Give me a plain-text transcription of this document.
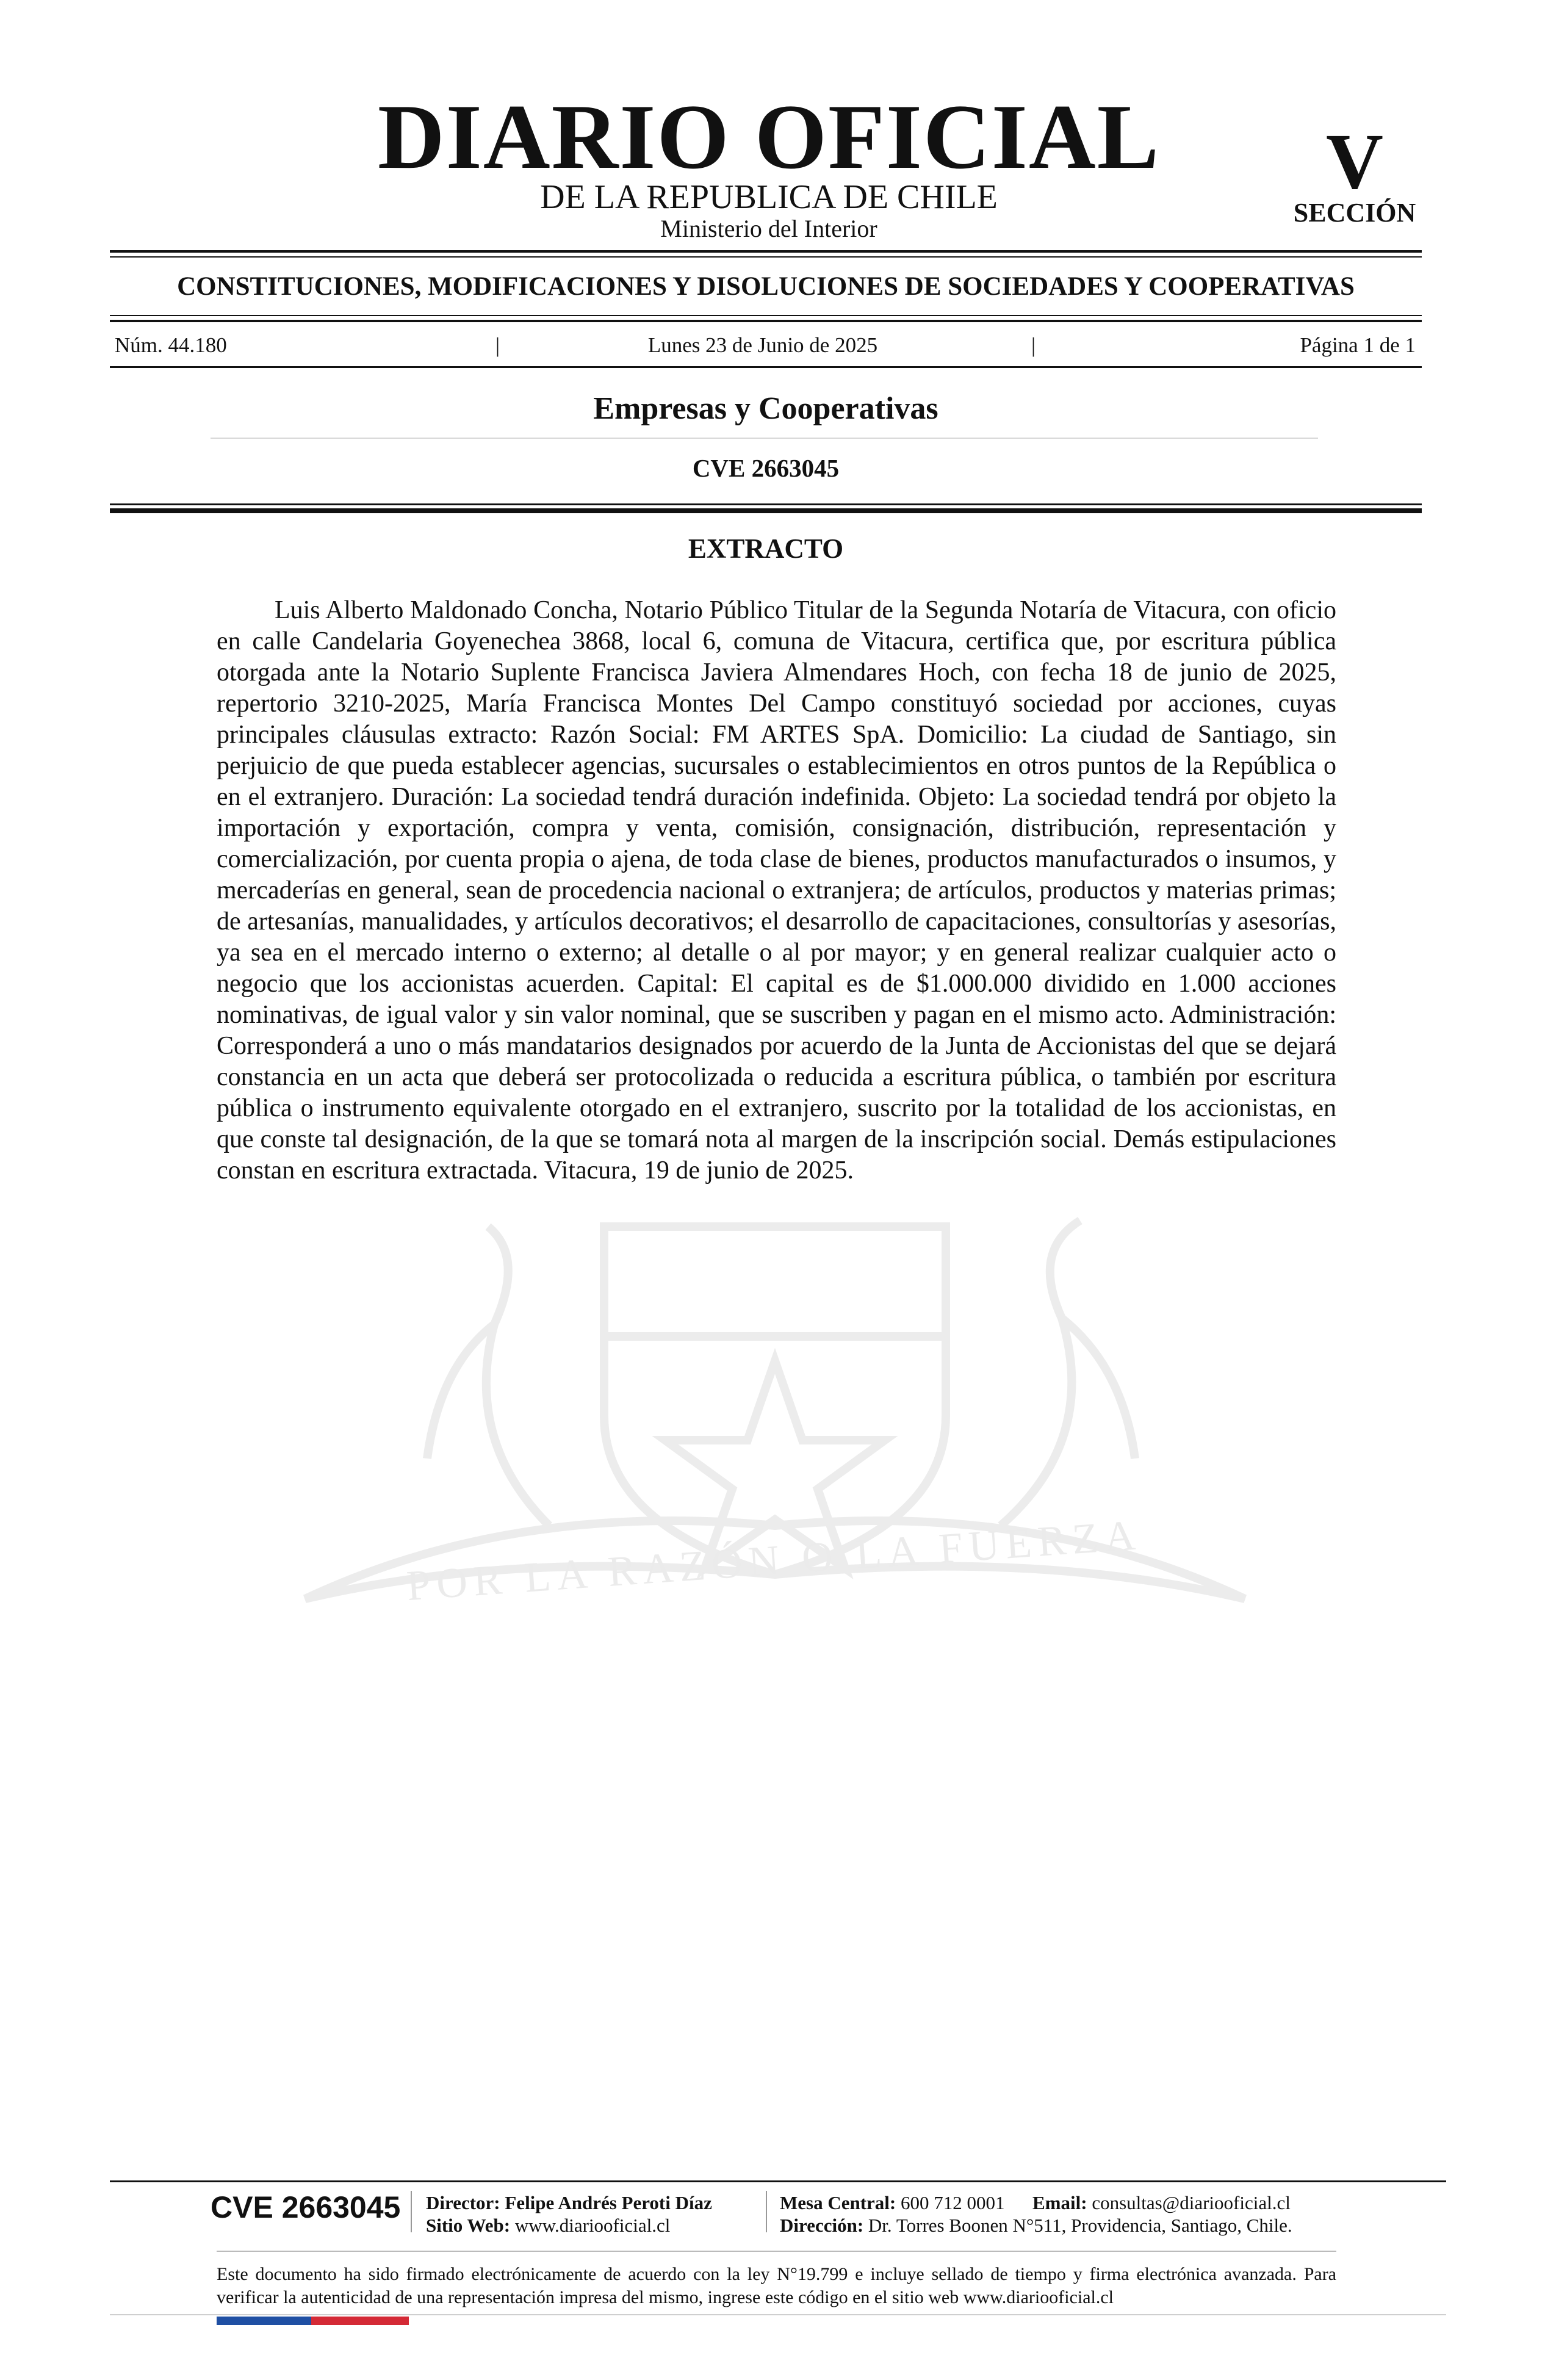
POR LA RAZÓN O LA FUERZA
DIARIO OFICIAL
DE LA REPUBLICA DE CHILE
Ministerio del Interior
V
SECCIÓN
CONSTITUCIONES, MODIFICACIONES Y DISOLUCIONES DE SOCIEDADES Y COOPERATIVAS
Núm. 44.180	|	Lunes 23 de Junio de 2025	|	Página 1 de 1
Empresas y Cooperativas
CVE 2663045
EXTRACTO

Luis Alberto Maldonado Concha, Notario Público Titular de la Segunda Notaría de Vitacura, con oficio en calle Candelaria Goyenechea 3868, local 6, comuna de Vitacura, certifica que, por escritura pública otorgada ante la Notario Suplente Francisca Javiera Almendares Hoch, con fecha 18 de junio de 2025, repertorio 3210-2025, María Francisca Montes Del Campo constituyó sociedad por acciones, cuyas principales cláusulas extracto: Razón Social: FM ARTES SpA. Domicilio: La ciudad de Santiago, sin perjuicio de que pueda establecer agencias, sucursales o establecimientos en otros puntos de la República o en el extranjero. Duración: La sociedad tendrá duración indefinida. Objeto: La sociedad tendrá por objeto la importación y exportación, compra y venta, comisión, consignación, distribución, representación y comercialización, por cuenta propia o ajena, de toda clase de bienes, productos manufacturados o insumos, y mercaderías en general, sean de procedencia nacional o extranjera; de artículos, productos y materias primas; de artesanías, manualidades, y artículos decorativos; el desarrollo de capacitaciones, consultorías y asesorías, ya sea en el mercado interno o externo; al detalle o al por mayor; y en general realizar cualquier acto o negocio que los accionistas acuerden. Capital: El capital es de $1.000.000 dividido en 1.000 acciones nominativas, de igual valor y sin valor nominal, que se suscriben y pagan en el mismo acto. Administración: Corresponderá a uno o más mandatarios designados por acuerdo de la Junta de Accionistas del que se dejará constancia en un acta que deberá ser protocolizada o reducida a escritura pública, o también por escritura pública o instrumento equivalente otorgado en el extranjero, suscrito por la totalidad de los accionistas, en que conste tal designación, de la que se tomará nota al margen de la inscripción social. Demás estipulaciones constan en escritura extractada. Vitacura, 19 de junio de 2025.

CVE 2663045 Director: Felipe Andrés Peroti Díaz
Sitio Web: www.diariooficial.cl
Mesa Central: 600 712 0001 Email: consultas@diariooficial.cl
Dirección: Dr. Torres Boonen N°511, Providencia, Santiago, Chile.

Este documento ha sido firmado electrónicamente de acuerdo con la ley N°19.799 e incluye sellado de tiempo y firma electrónica avanzada. Para verificar la autenticidad de una representación impresa del mismo, ingrese este código en el sitio web www.diariooficial.cl
